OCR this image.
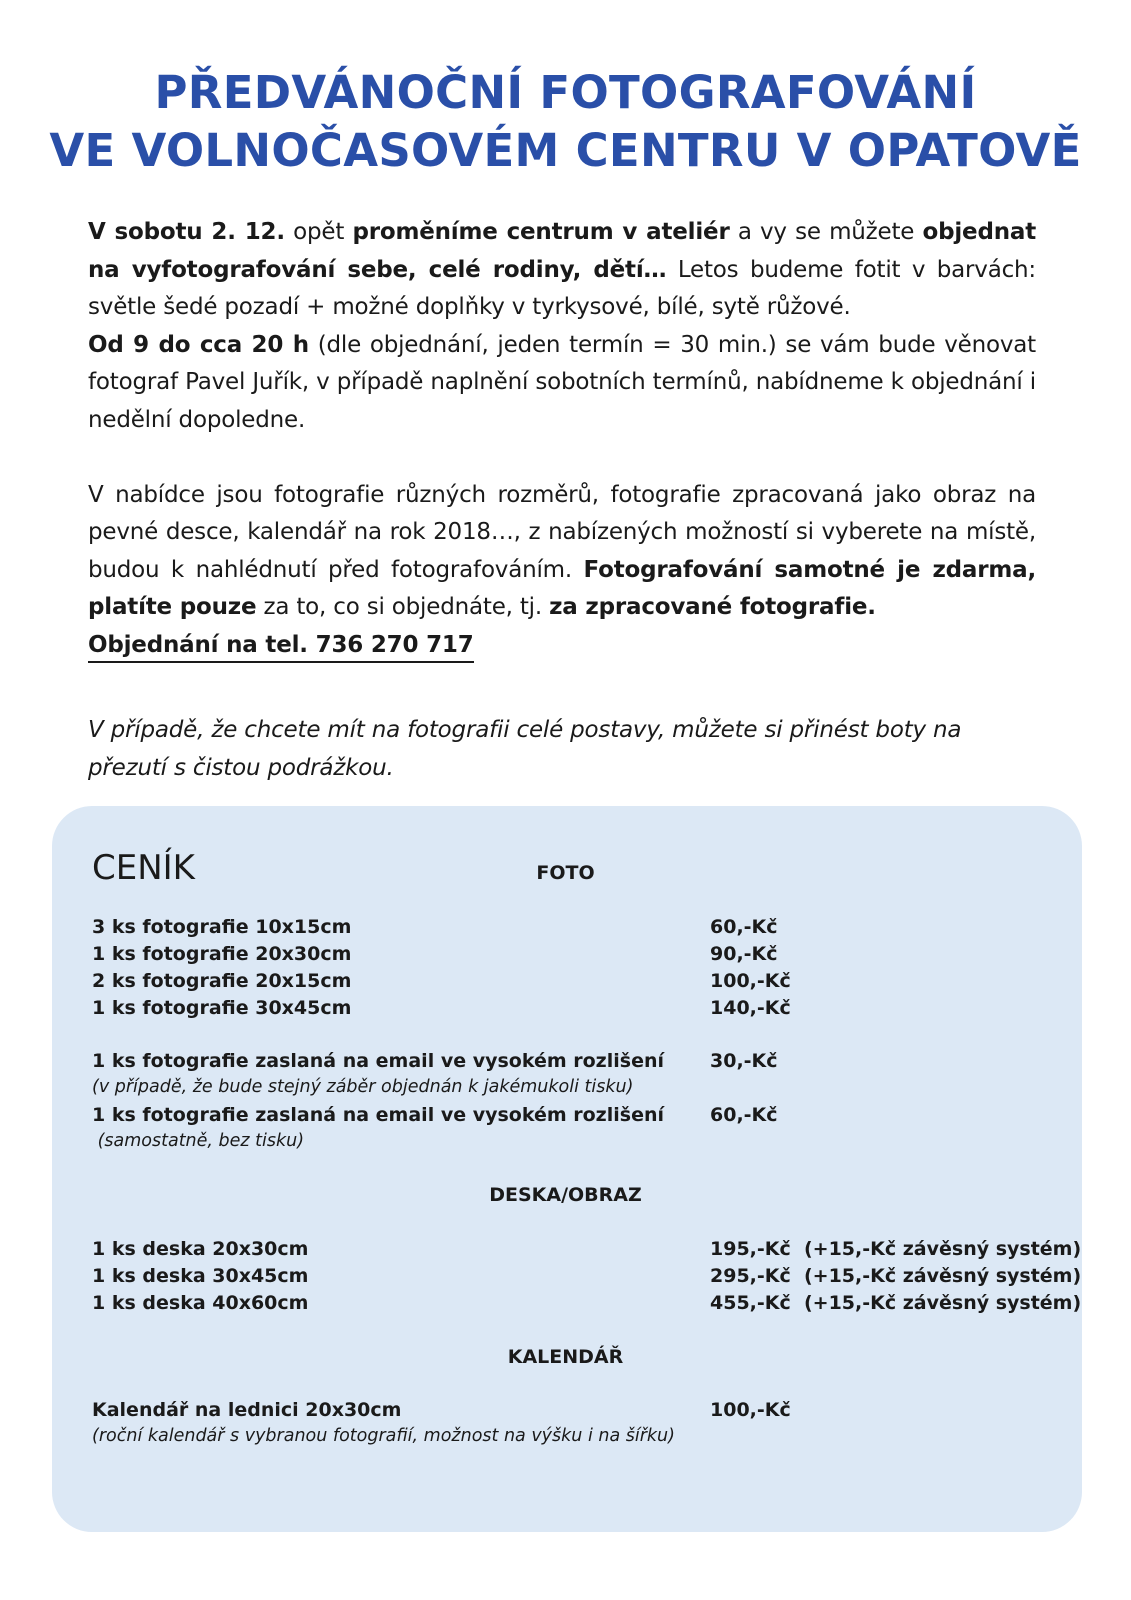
PŘEDVÁNOČNÍ FOTOGRAFOVÁNÍ
VE VOLNOČASOVÉM CENTRU V OPATOVĚ

V sobotu 2. 12. opět proměníme centrum v ateliér a vy se můžete objednat na vyfotografování sebe, celé rodiny, dětí… Letos budeme fotit v barvách: světle šedé pozadí + možné doplňky v tyrkysové, bílé, sytě růžové.

Od 9 do cca 20 h (dle objednání, jeden termín = 30 min.) se vám bude věnovat fotograf Pavel Juřík, v případě naplnění sobotních termínů, nabídneme k objednání i nedělní dopoledne.

V nabídce jsou fotografie různých rozměrů, fotografie zpracovaná jako obraz na pevné desce, kalendář na rok 2018…, z nabízených možností si vyberete na místě, budou k nahlédnutí před fotografováním. Fotografování samotné je zdarma, platíte pouze za to, co si objednáte, tj. za zpracované fotografie.

Objednání na tel. 736 270 717

V případě, že chcete mít na fotografii celé postavy, můžete si přinést boty na přezutí s čistou podrážkou.
CENÍK	FOTO
3 ks fotografie 10x15cm	60,-Kč
1 ks fotografie 20x30cm	90,-Kč
2 ks fotografie 20x15cm	100,-Kč
1 ks fotografie 30x45cm	140,-Kč
1 ks fotografie zaslaná na email ve vysokém rozlišení 30,-Kč
(v případě, že bude stejný záběr objednán k jakémukoli tisku)
1 ks fotografie zaslaná na email ve vysokém rozlišení 60,-Kč
(samostatně, bez tisku)
DESKA/OBRAZ
1 ks deska 20x30cm	195,-Kč  (+15,-Kč závěsný systém)
1 ks deska 30x45cm	295,-Kč  (+15,-Kč závěsný systém)
1 ks deska 40x60cm	455,-Kč  (+15,-Kč závěsný systém)
KALENDÁŘ
Kalendář na lednici 20x30cm	100,-Kč
(roční kalendář s vybranou fotografií, možnost na výšku i na šířku)
